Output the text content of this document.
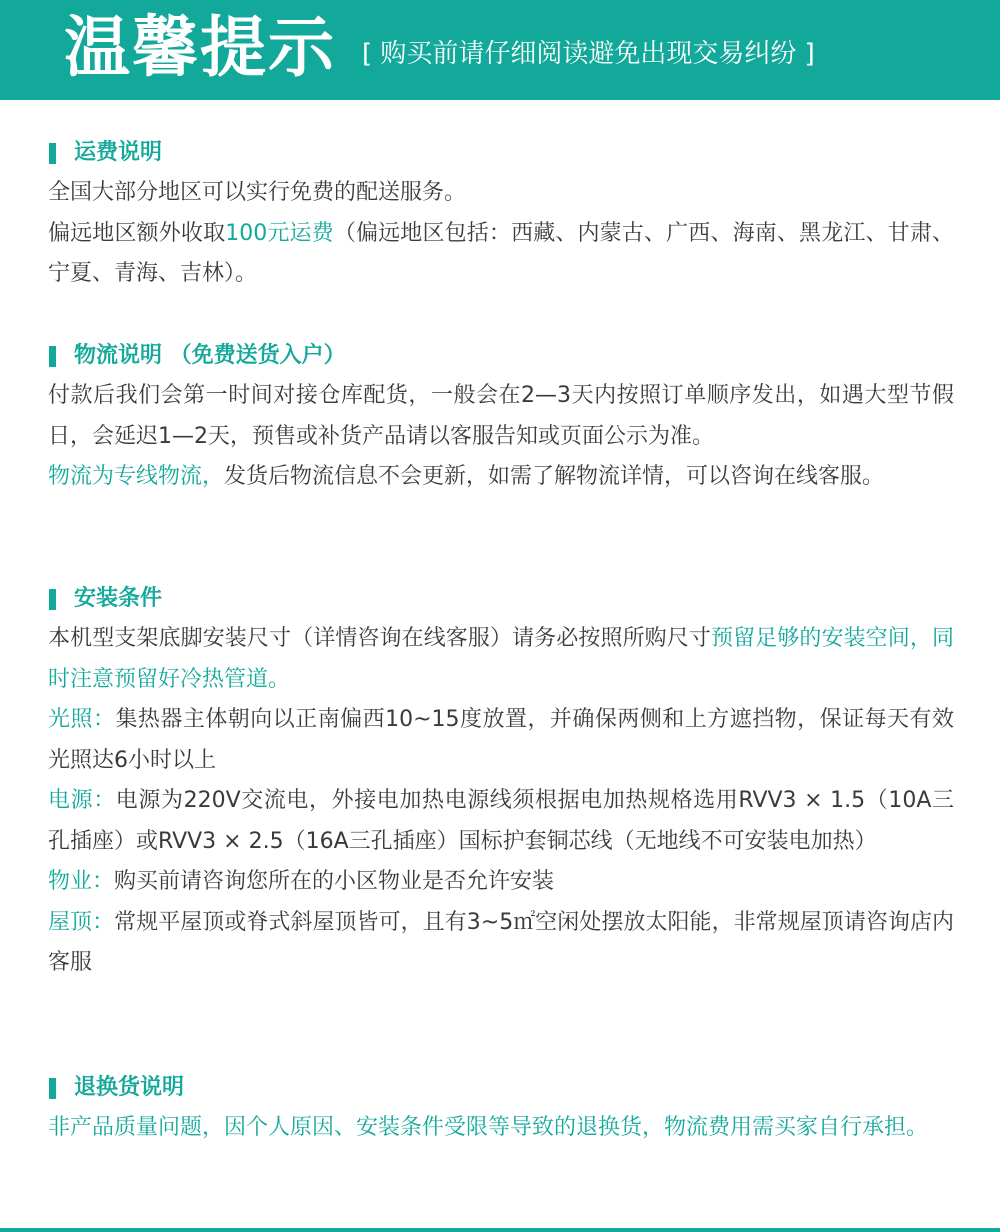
温馨提示 [ 购买前请仔细阅读避免出现交易纠纷 ]
运费说明

全国大部分地区可以实行免费的配送服务。

偏远地区额外收取100元运费（偏远地区包括：西藏、内蒙古、广西、海南、黑龙江、甘肃、宁夏、青海、吉林）。

物流说明 （免费送货入户）

付款后我们会第一时间对接仓库配货，一般会在2—3天内按照订单顺序发出，如遇大型节假日，会延迟1—2天，预售或补货产品请以客服告知或页面公示为准。

物流为专线物流，发货后物流信息不会更新，如需了解物流详情，可以咨询在线客服。

安装条件

本机型支架底脚安装尺寸（详情咨询在线客服）请务必按照所购尺寸预留足够的安装空间，同时注意预留好冷热管道。

光照：集热器主体朝向以正南偏西10~15度放置，并确保两侧和上方遮挡物，保证每天有效光照达6小时以上

电源：电源为220V交流电，外接电加热电源线须根据电加热规格选用RVV3 × 1.5（10A三孔插座）或RVV3 × 2.5（16A三孔插座）国标护套铜芯线（无地线不可安装电加热）

物业：购买前请咨询您所在的小区物业是否允许安装

屋顶：常规平屋顶或脊式斜屋顶皆可，且有3~5㎡空闲处摆放太阳能，非常规屋顶请咨询店内客服

退换货说明

非产品质量问题，因个人原因、安装条件受限等导致的退换货，物流费用需买家自行承担。
